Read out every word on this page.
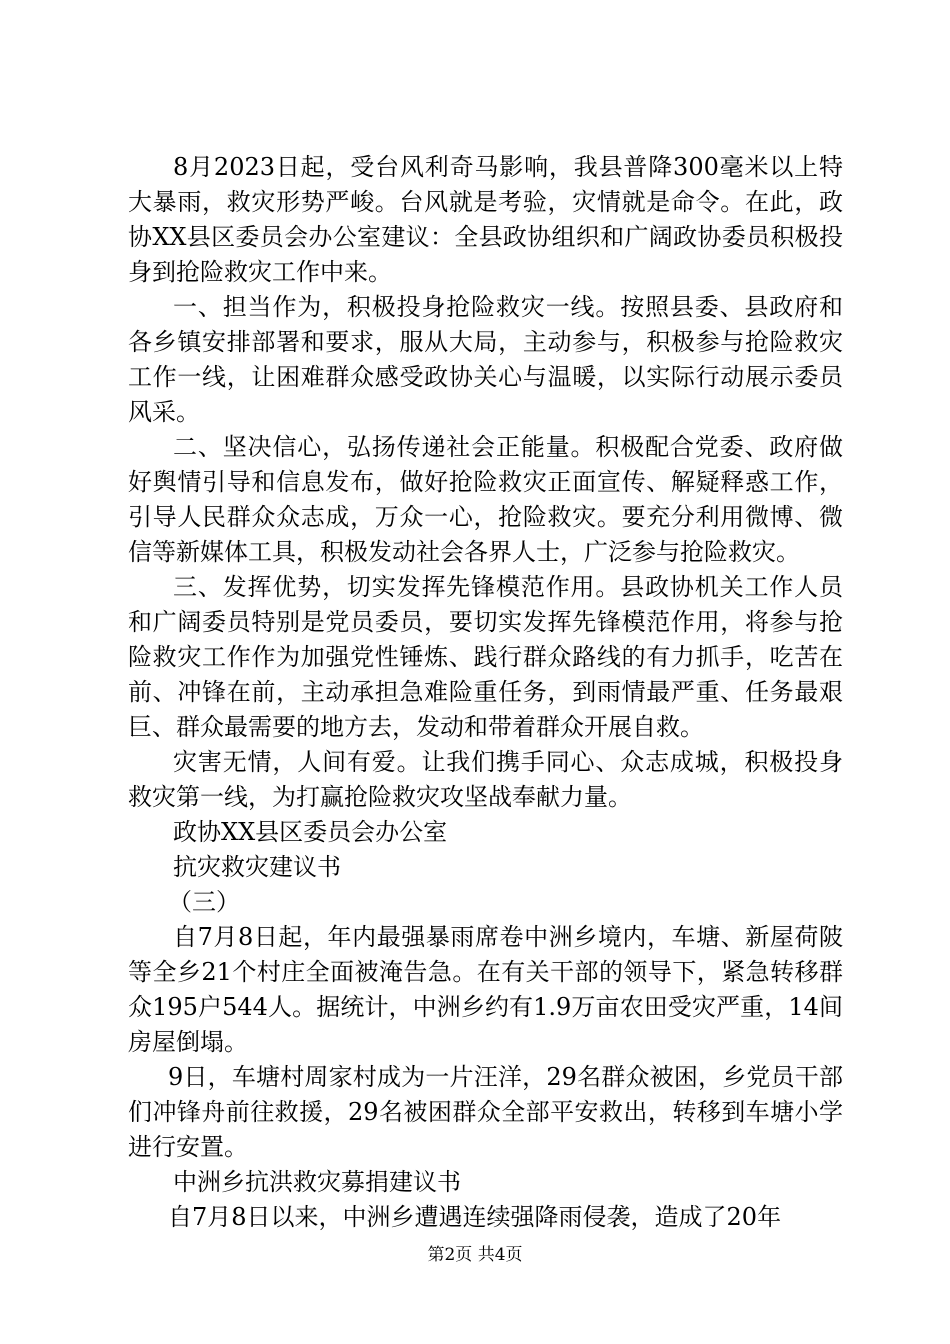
8月2023日起，受台风利奇马影响，我县普降300毫米以上特大暴雨，救灾形势严峻。台风就是考验，灾情就是命令。在此，政协XX县区委员会办公室建议：全县政协组织和广阔政协委员积极投身到抢险救灾工作中来。

一、担当作为，积极投身抢险救灾一线。按照县委、县政府和各乡镇安排部署和要求，服从大局，主动参与，积极参与抢险救灾工作一线，让困难群众感受政协关心与温暖，以实际行动展示委员风采。

二、坚决信心，弘扬传递社会正能量。积极配合党委、政府做好舆情引导和信息发布，做好抢险救灾正面宣传、解疑释惑工作，引导人民群众众志成，万众一心，抢险救灾。要充分利用微博、微信等新媒体工具，积极发动社会各界人士，广泛参与抢险救灾。

三、发挥优势，切实发挥先锋模范作用。县政协机关工作人员和广阔委员特别是党员委员，要切实发挥先锋模范作用，将参与抢险救灾工作作为加强党性锤炼、践行群众路线的有力抓手，吃苦在前、冲锋在前，主动承担急难险重任务，到雨情最严重、任务最艰巨、群众最需要的地方去，发动和带着群众开展自救。

灾害无情，人间有爱。让我们携手同心、众志成城，积极投身救灾第一线，为打赢抢险救灾攻坚战奉献力量。

政协XX县区委员会办公室

抗灾救灾建议书

（三）

自7月8日起，年内最强暴雨席卷中洲乡境内，车塘、新屋荷陂等全乡21个村庄全面被淹告急。在有关干部的领导下，紧急转移群众195户544人。据统计，中洲乡约有1.9万亩农田受灾严重，14间房屋倒塌。

9日，车塘村周家村成为一片汪洋，29名群众被困，乡党员干部们冲锋舟前往救援，29名被困群众全部平安救出，转移到车塘小学进行安置。

中洲乡抗洪救灾募捐建议书

自7月8日以来，中洲乡遭遇连续强降雨侵袭，造成了20年

第2页 共4页
